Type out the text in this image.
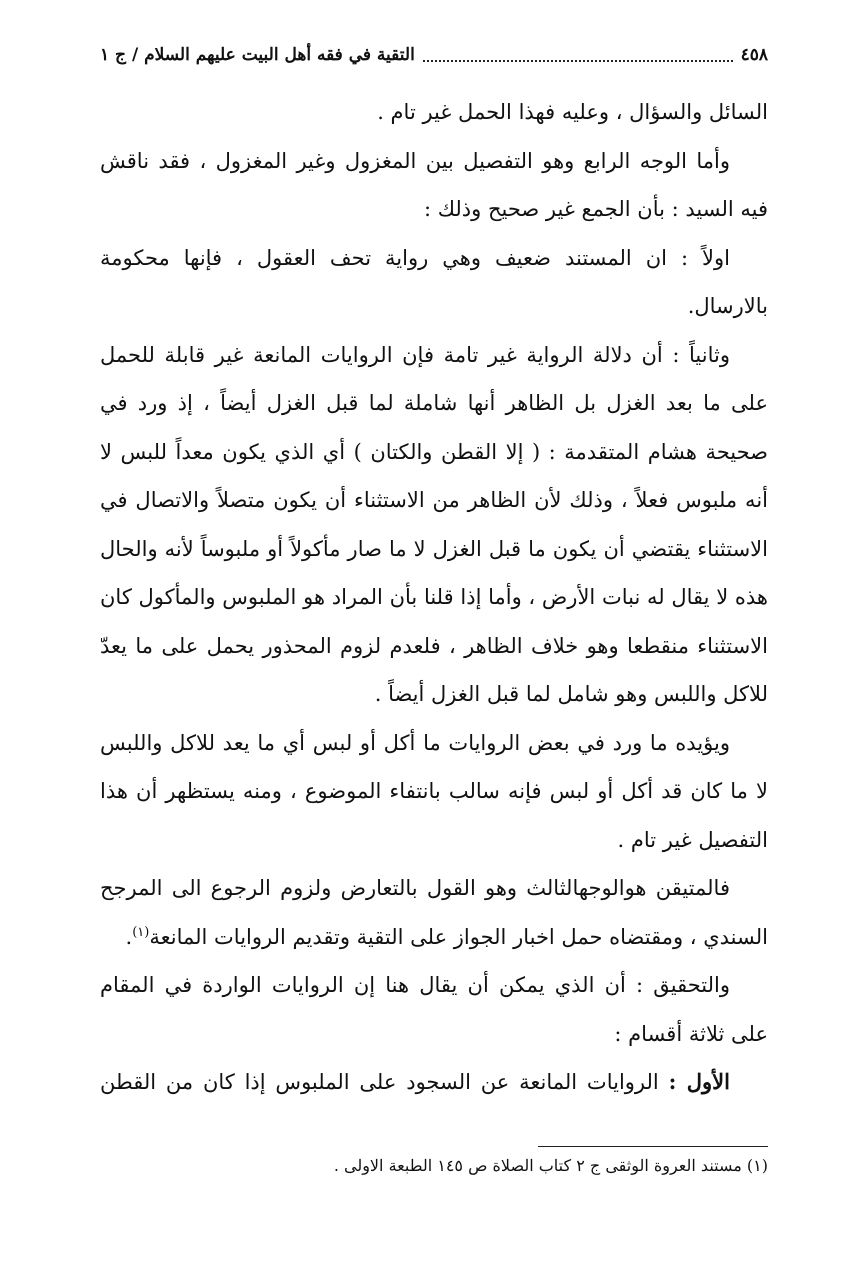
٤٥٨
التقية في فقه أهل البيت عليهم السلام / ج ١

السائل والسؤال ، وعليه فهذا الحمل غير تام .

وأما الوجه الرابع وهو التفصيل بين المغزول وغير المغزول ، فقد ناقش فيه السيد : بأن الجمع غير صحيح وذلك :

اولاً : ان المستند ضعيف وهي رواية تحف العقول ، فإنها محكومة بالارسال.

وثانياً : أن دلالة الرواية غير تامة فإن الروايات المانعة غير قابلة للحمل على ما بعد الغزل بل الظاهر أنها شاملة لما قبل الغزل أيضاً ، إذ ورد في صحيحة هشام المتقدمة : ( إلا القطن والكتان ) أي الذي يكون معداً للبس لا أنه ملبوس فعلاً ، وذلك لأن الظاهر من الاستثناء أن يكون متصلاً والاتصال في الاستثناء يقتضي أن يكون ما قبل الغزل لا ما صار مأكولاً أو ملبوساً لأنه والحال هذه لا يقال له نبات الأرض ، وأما إذا قلنا بأن المراد هو الملبوس والمأكول كان الاستثناء منقطعا وهو خلاف الظاهر ، فلعدم لزوم المحذور يحمل على ما يعدّ للاكل واللبس وهو شامل لما قبل الغزل أيضاً .

ويؤيده ما ورد في بعض الروايات ما أكل أو لبس أي ما يعد للاكل واللبس لا ما كان قد أكل أو لبس فإنه سالب بانتفاء الموضوع ، ومنه يستظهر أن هذا التفصيل غير تام .

فالمتيقن هوالوجهالثالث وهو القول بالتعارض ولزوم الرجوع الى المرجح السندي ، ومقتضاه حمل اخبار الجواز على التقية وتقديم الروايات المانعة$^{(١)}$.

والتحقيق : أن الذي يمكن أن يقال هنا إن الروايات الواردة في المقام على ثلاثة أقسام :

الأول : الروايات المانعة عن السجود على الملبوس إذا كان من القطن

(١) مستند العروة الوثقى ج ٢ كتاب الصلاة ص ١٤٥ الطبعة الاولى .
